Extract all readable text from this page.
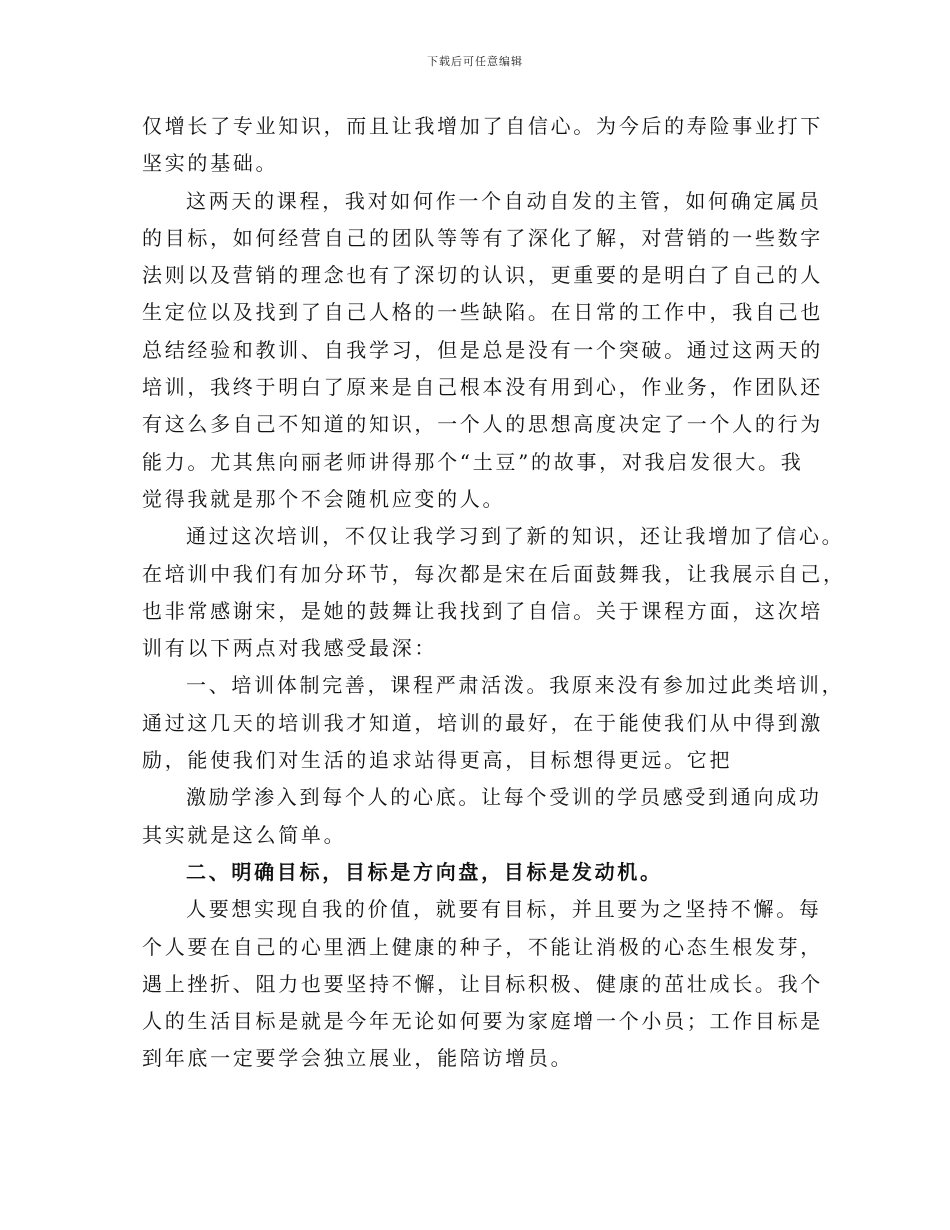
下载后可任意编辑
仅增长了专业知识，而且让我增加了自信心。为今后的寿险事业打下
坚实的基础。
这两天的课程，我对如何作一个自动自发的主管，如何确定属员
的目标，如何经营自己的团队等等有了深化了解，对营销的一些数字
法则以及营销的理念也有了深切的认识，更重要的是明白了自己的人
生定位以及找到了自己人格的一些缺陷。在日常的工作中，我自己也
总结经验和教训、自我学习，但是总是没有一个突破。通过这两天的
培训，我终于明白了原来是自己根本没有用到心，作业务，作团队还
有这么多自己不知道的知识，一个人的思想高度决定了一个人的行为
能力。尤其焦向丽老师讲得那个“土豆”的故事，对我启发很大。我
觉得我就是那个不会随机应变的人。
通过这次培训，不仅让我学习到了新的知识，还让我增加了信心。
在培训中我们有加分环节，每次都是宋在后面鼓舞我，让我展示自己，
也非常感谢宋，是她的鼓舞让我找到了自信。关于课程方面，这次培
训有以下两点对我感受最深：
一、培训体制完善，课程严肃活泼。我原来没有参加过此类培训，
通过这几天的培训我才知道，培训的最好，在于能使我们从中得到激
励，能使我们对生活的追求站得更高，目标想得更远。它把
激励学渗入到每个人的心底。让每个受训的学员感受到通向成功
其实就是这么简单。
二、明确目标，目标是方向盘，目标是发动机。
人要想实现自我的价值，就要有目标，并且要为之坚持不懈。每
个人要在自己的心里洒上健康的种子，不能让消极的心态生根发芽，
遇上挫折、阻力也要坚持不懈，让目标积极、健康的茁壮成长。我个
人的生活目标是就是今年无论如何要为家庭增一个小员；工作目标是
到年底一定要学会独立展业，能陪访增员。
